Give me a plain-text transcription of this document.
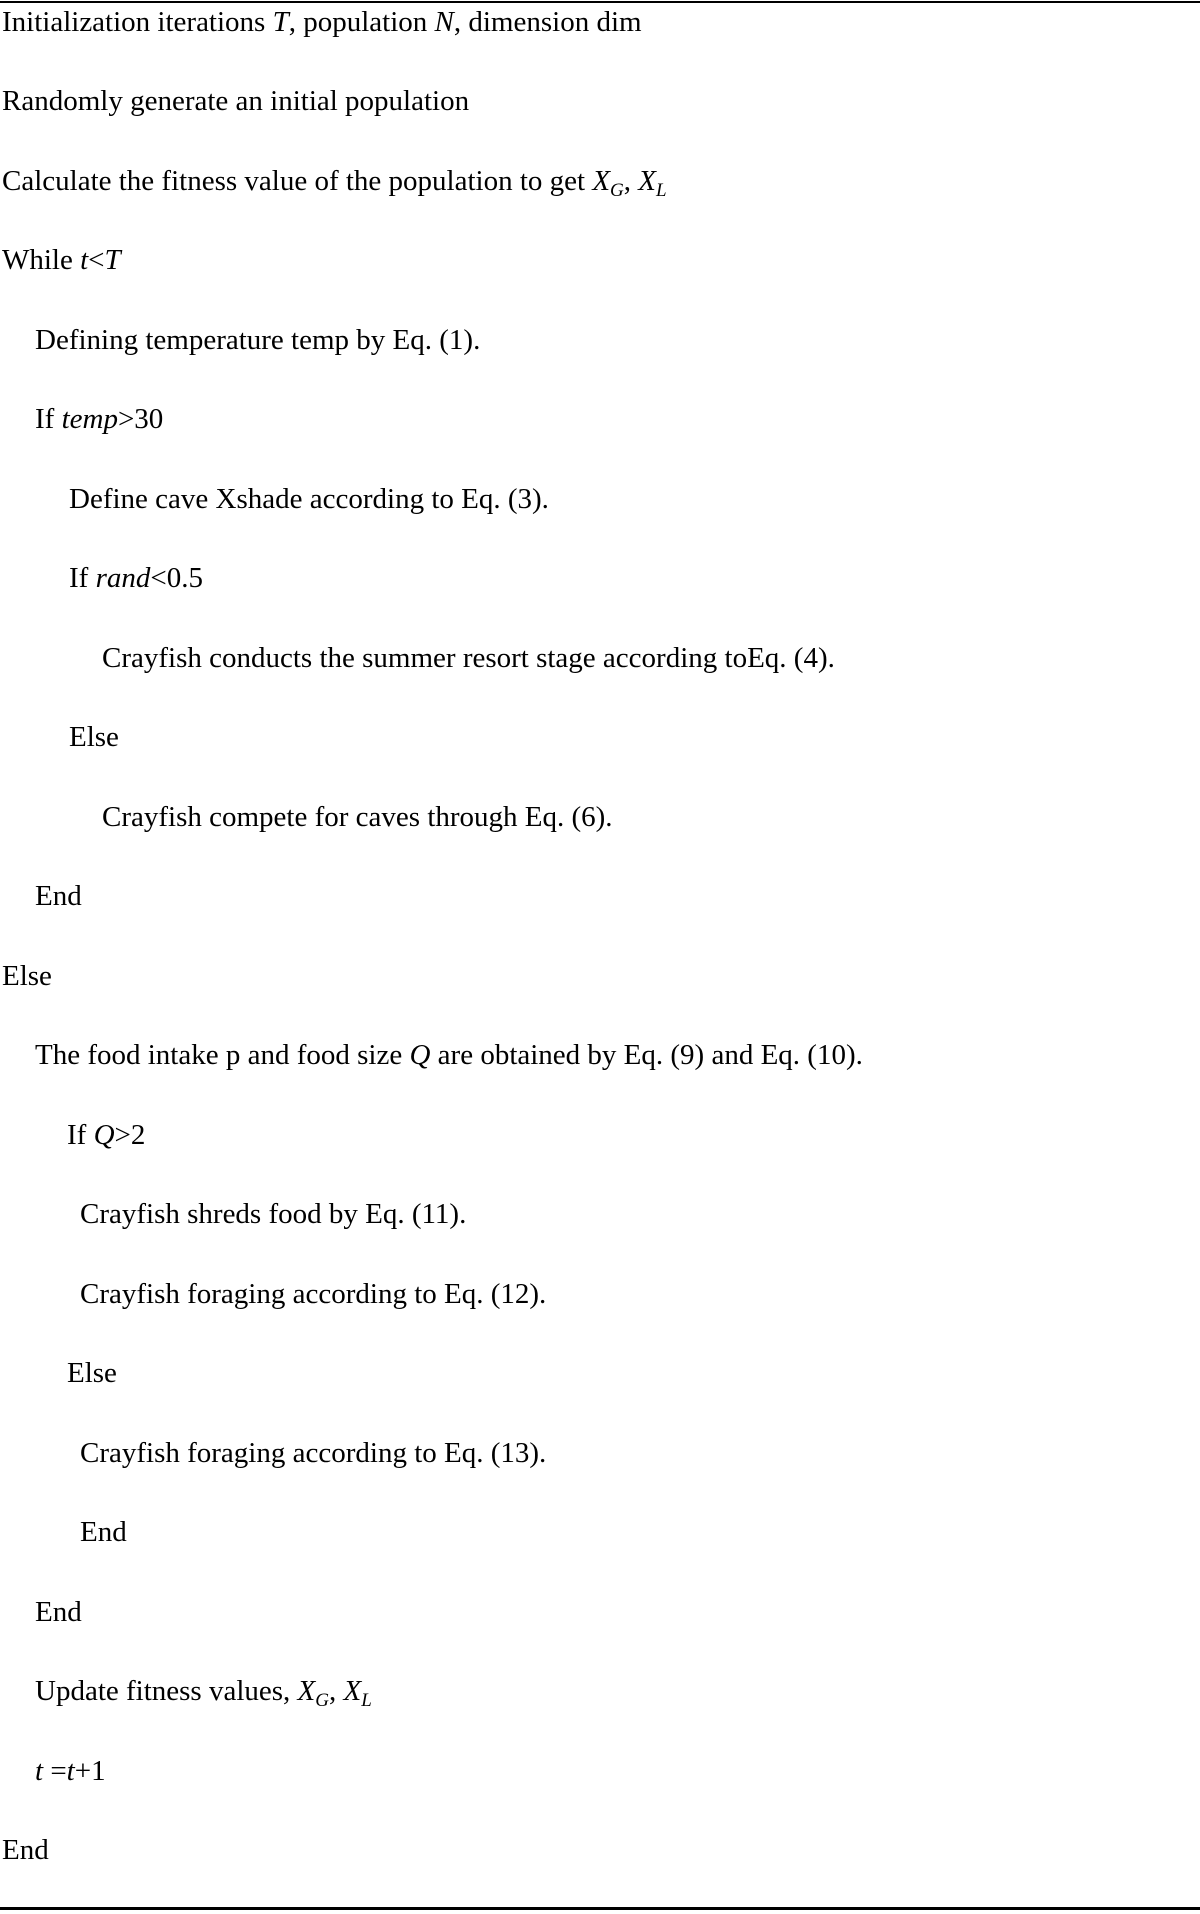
Initialization iterations T, population N, dimension dim
Randomly generate an initial population
Calculate the fitness value of the population to get $X_G$, $X_L$
While t<T
Defining temperature temp by Eq. (1).
If temp>30
Define cave Xshade according to Eq. (3).
If rand<0.5
Crayfish conducts the summer resort stage according toEq. (4).
Else
Crayfish compete for caves through Eq. (6).
End
Else
The food intake p and food size Q are obtained by Eq. (9) and Eq. (10).
If Q>2
Crayfish shreds food by Eq. (11).
Crayfish foraging according to Eq. (12).
Else
Crayfish foraging according to Eq. (13).
End
End
Update fitness values, $X_G$, $X_L$
t =t+1
End
